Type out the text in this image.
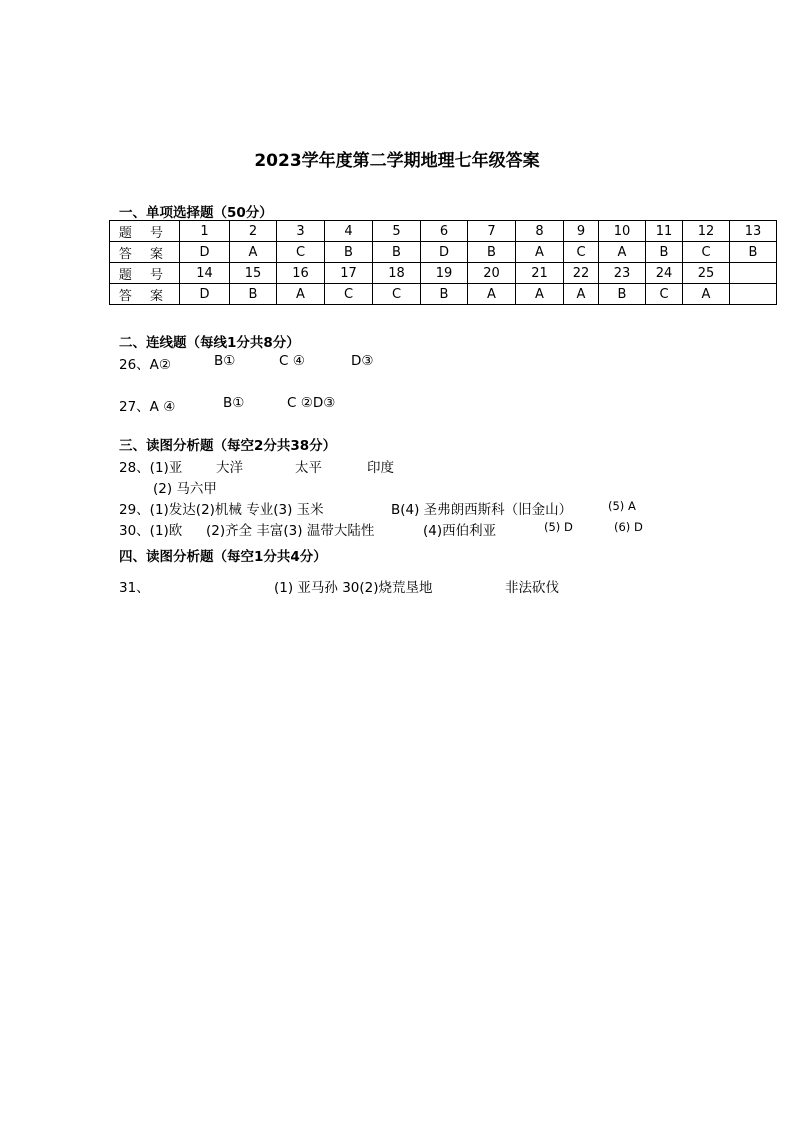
2023学年度第二学期地理七年级答案
一、单项选择题（50分）
题 号	1	2	3	4	5	6	7	8	9	10	11	12	13
答 案	D	A	C	B	B	D	B	A	C	A	B	C	B
题 号	14	15	16	17	18	19	20	21	22	23	24	25	
答 案	D	B	A	C	C	B	A	A	A	B	C	A	
二、连线题（每线1分共8分）
26、A②	B①	C ④	D③
27、A ④	B①	C ②D③
三、读图分析题（每空2分共38分）
28、(1)亚 大洋	太平	印度
(2) 马六甲
29、(1)发达(2)机械 专业(3) 玉米	B(4) 圣弗朗西斯科（旧金山）	(5) A
30、(1)欧 (2)齐全 丰富(3) 温带大陆性	(4)西伯利亚	(5) D	(6) D
四、读图分析题（每空1分共4分）
31、	(1) 亚马孙 30(2)烧荒垦地	非法砍伐
